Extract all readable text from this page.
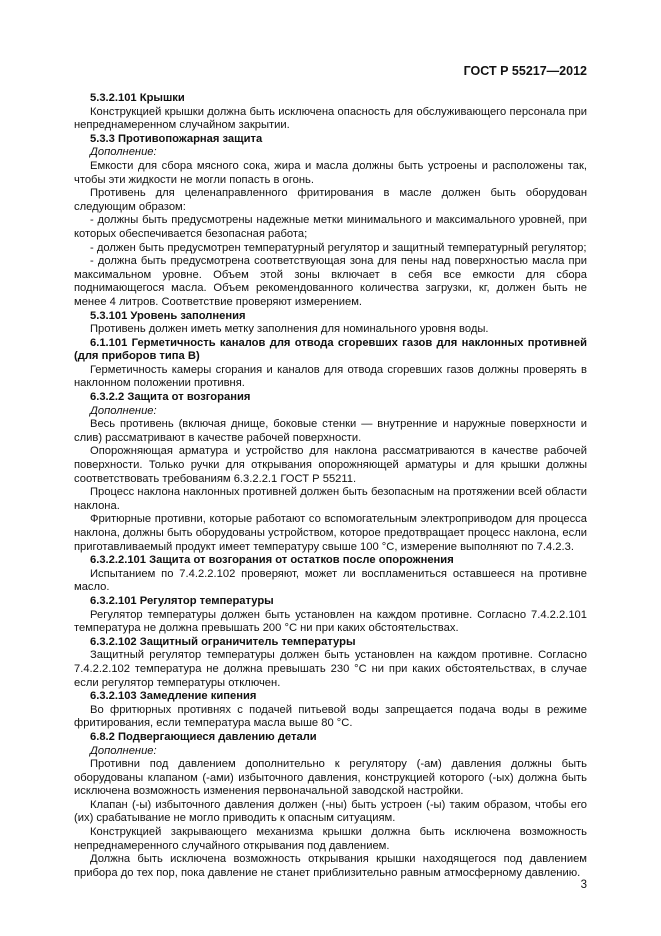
ГОСТ Р 55217—2012

5.3.2.101 Крышки

Конструкцией крышки должна быть исключена опасность для обслуживающего персонала при непреднамеренном случайном закрытии.

5.3.3 Противопожарная защита

Дополнение:

Емкости для сбора мясного сока, жира и масла должны быть устроены и расположены так, чтобы эти жидкости не могли попасть в огонь.

Противень для целенаправленного фритирования в масле должен быть оборудован следующим образом:

- должны быть предусмотрены надежные метки минимального и максимального уровней, при которых обеспечивается безопасная работа;

- должен быть предусмотрен температурный регулятор и защитный температурный регулятор;

- должна быть предусмотрена соответствующая зона для пены над поверхностью масла при максимальном уровне. Объем этой зоны включает в себя все емкости для сбора поднимающегося масла. Объем рекомендованного количества загрузки, кг, должен быть не менее 4 литров. Соответствие проверяют измерением.

5.3.101 Уровень заполнения

Противень должен иметь метку заполнения для номинального уровня воды.

6.1.101 Герметичность каналов для отвода сгоревших газов для наклонных противней (для приборов типа В)

Герметичность камеры сгорания и каналов для отвода сгоревших газов должны проверять в наклонном положении противня.

6.3.2.2 Защита от возгорания

Дополнение:

Весь противень (включая днище, боковые стенки — внутренние и наружные поверхности и слив) рассматривают в качестве рабочей поверхности.

Опорожняющая арматура и устройство для наклона рассматриваются в качестве рабочей поверхности. Только ручки для открывания опорожняющей арматуры и для крышки должны соответствовать требованиям 6.3.2.2.1 ГОСТ Р 55211.

Процесс наклона наклонных противней должен быть безопасным на протяжении всей области наклона.

Фритюрные противни, которые работают со вспомогательным электроприводом для процесса наклона, должны быть оборудованы устройством, которое предотвращает процесс наклона, если приготавливаемый продукт имеет температуру свыше 100 °С, измерение выполняют по 7.4.2.3.

6.3.2.2.101 Защита от возгорания от остатков после опорожнения

Испытанием по 7.4.2.2.102 проверяют, может ли воспламениться оставшееся на противне масло.

6.3.2.101 Регулятор температуры

Регулятор температуры должен быть установлен на каждом противне. Согласно 7.4.2.2.101 температура не должна превышать 200 °С ни при каких обстоятельствах.

6.3.2.102 Защитный ограничитель температуры

Защитный регулятор температуры должен быть установлен на каждом противне. Согласно 7.4.2.2.102 температура не должна превышать 230 °С ни при каких обстоятельствах, в случае если регулятор температуры отключен.

6.3.2.103 Замедление кипения

Во фритюрных противнях с подачей питьевой воды запрещается подача воды в режиме фритирования, если температура масла выше 80 °С.

6.8.2 Подвергающиеся давлению детали

Дополнение:

Противни под давлением дополнительно к регулятору (-ам) давления должны быть оборудованы клапаном (-ами) избыточного давления, конструкцией которого (-ых) должна быть исключена возможность изменения первоначальной заводской настройки.

Клапан (-ы) избыточного давления должен (-ны) быть устроен (-ы) таким образом, чтобы его (их) срабатывание не могло приводить к опасным ситуациям.

Конструкцией закрывающего механизма крышки должна быть исключена возможность непреднамеренного случайного открывания под давлением.

Должна быть исключена возможность открывания крышки находящегося под давлением прибора до тех пор, пока давление не станет приблизительно равным атмосферному давлению.

3
